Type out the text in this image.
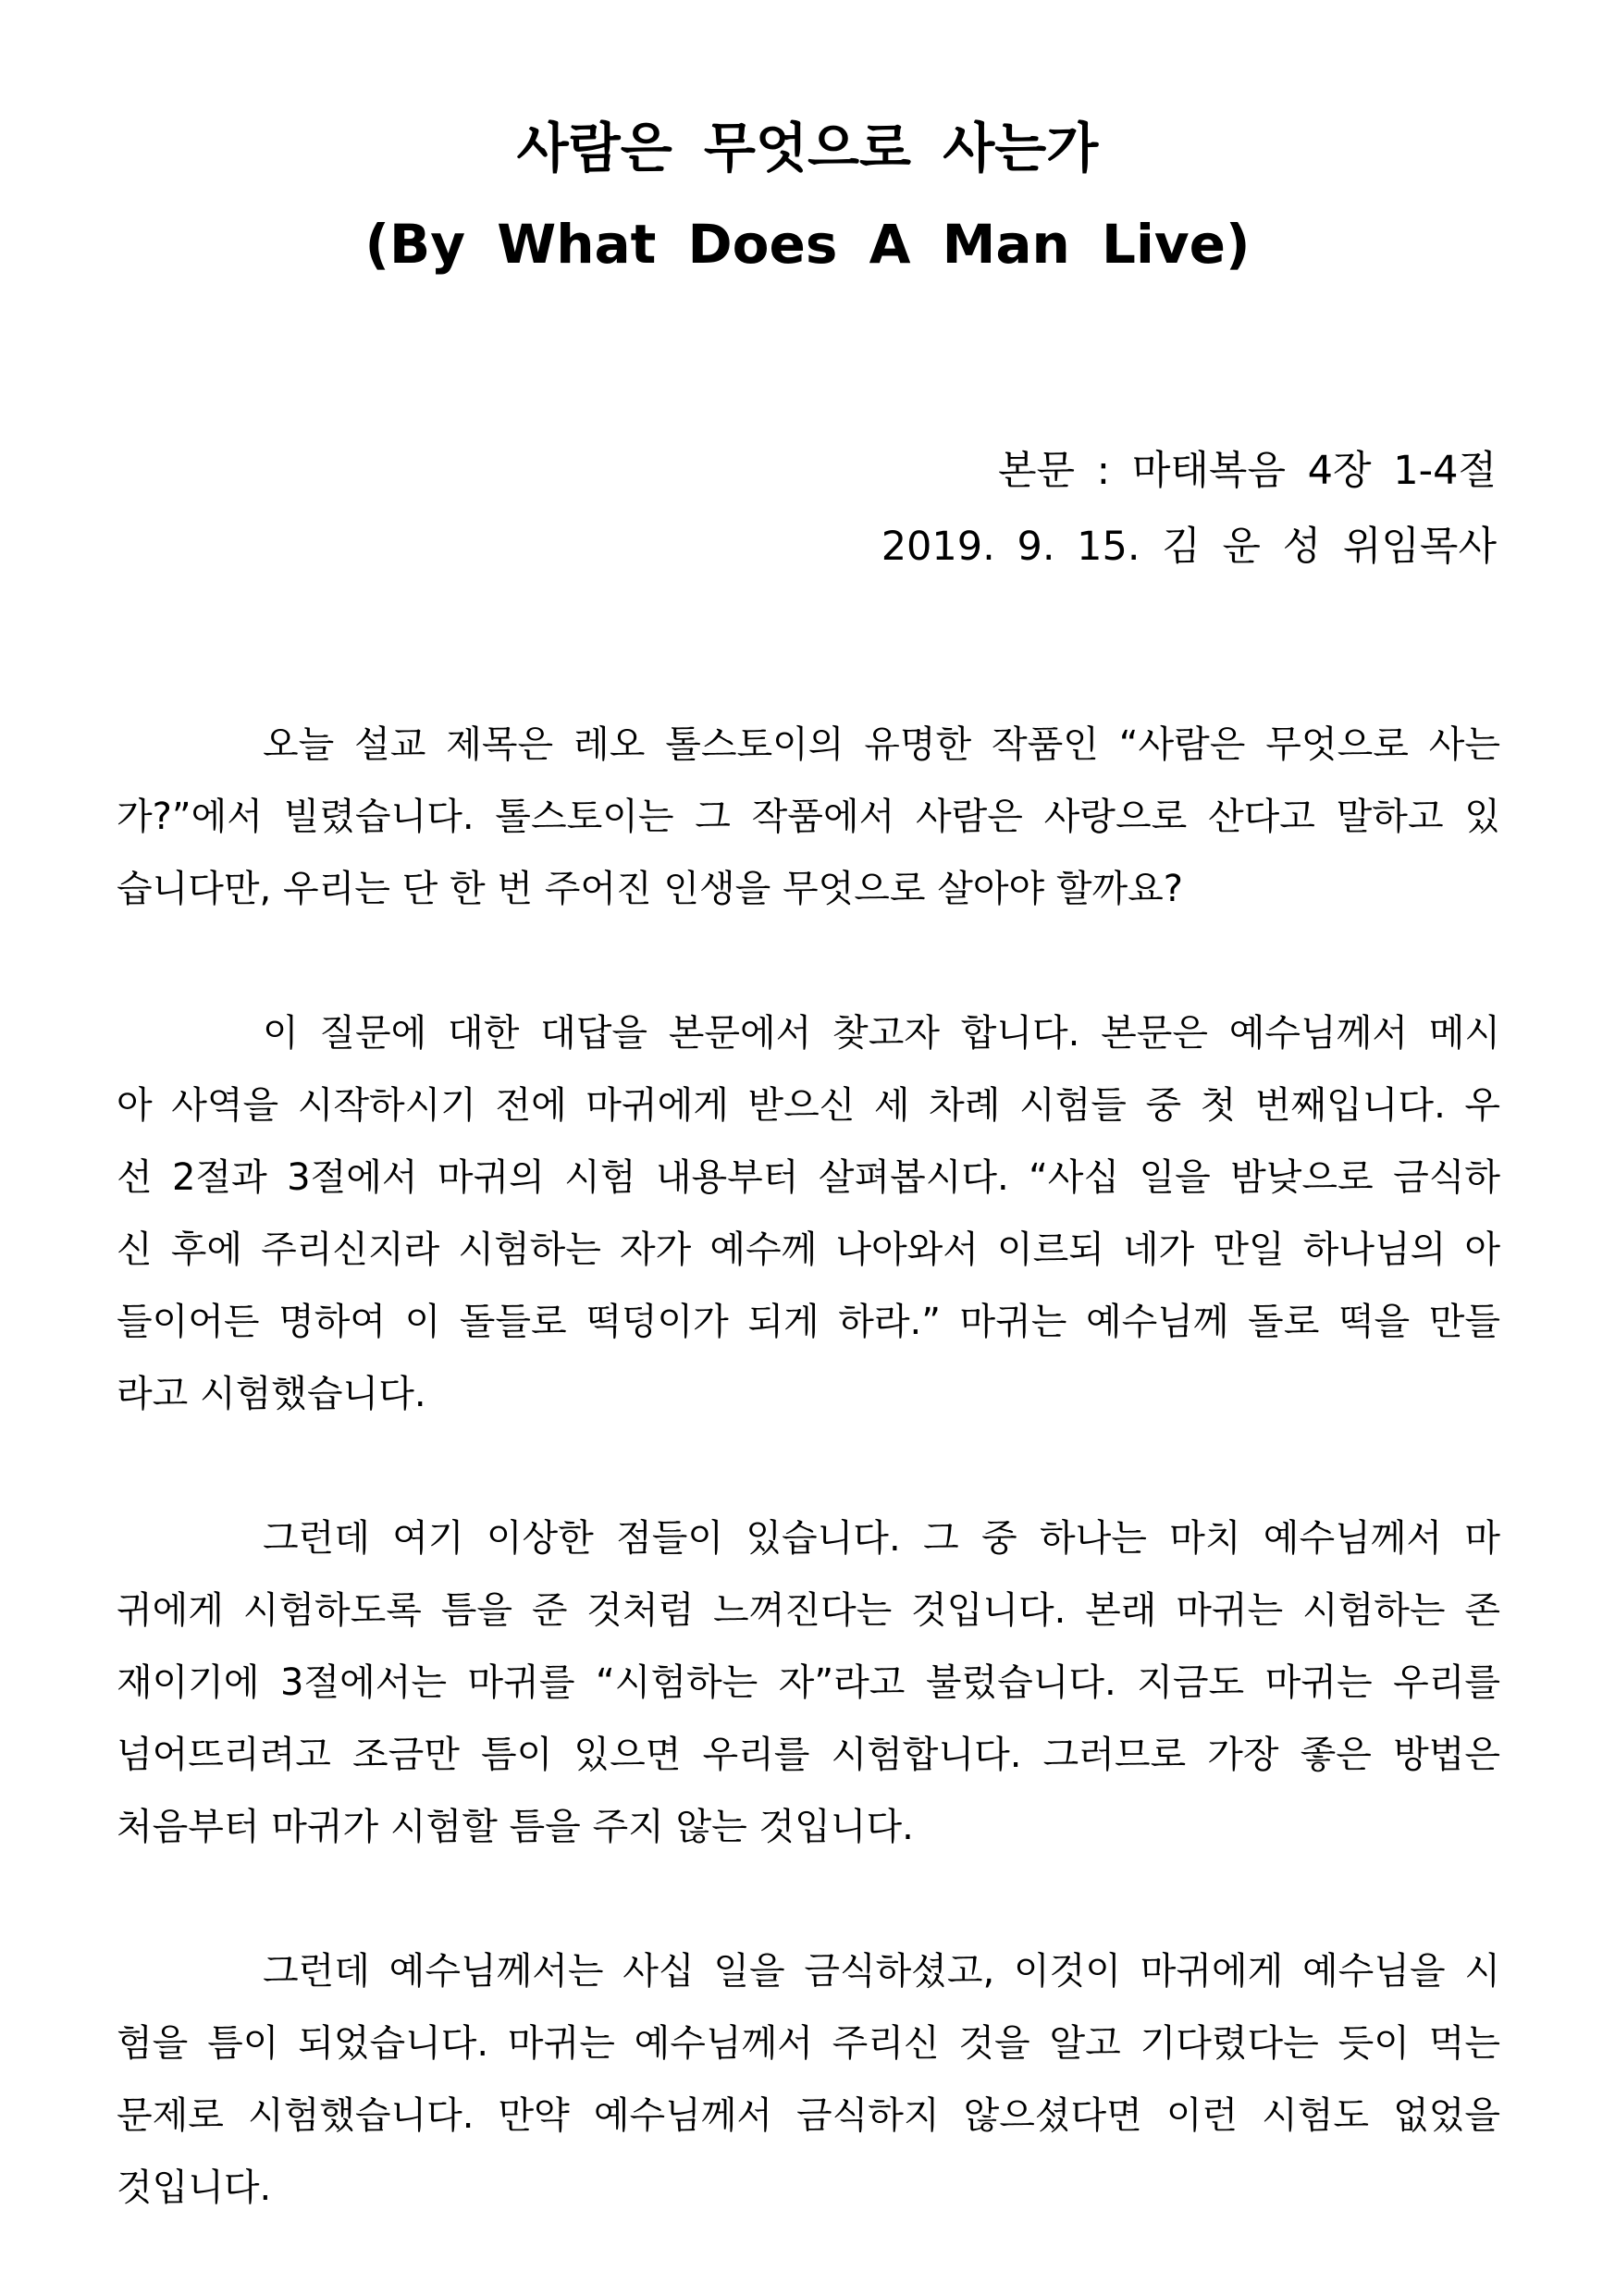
사람은 무엇으로 사는가
(By What Does A Man Live)
본문 : 마태복음 4장 1-4절
2019. 9. 15. 김 운 성 위임목사
오늘 설교 제목은 레오 톨스토이의 유명한 작품인 “사람은 무엇으로 사는
가?”에서 빌렸습니다. 톨스토이는 그 작품에서 사람은 사랑으로 산다고 말하고 있
습니다만, 우리는 단 한 번 주어진 인생을 무엇으로 살아야 할까요?
이 질문에 대한 대답을 본문에서 찾고자 합니다. 본문은 예수님께서 메시
아 사역을 시작하시기 전에 마귀에게 받으신 세 차례 시험들 중 첫 번째입니다. 우
선 2절과 3절에서 마귀의 시험 내용부터 살펴봅시다. “사십 일을 밤낮으로 금식하
신 후에 주리신지라 시험하는 자가 예수께 나아와서 이르되 네가 만일 하나님의 아
들이어든 명하여 이 돌들로 떡덩이가 되게 하라.” 마귀는 예수님께 돌로 떡을 만들
라고 시험했습니다.
그런데 여기 이상한 점들이 있습니다. 그 중 하나는 마치 예수님께서 마
귀에게 시험하도록 틈을 준 것처럼 느껴진다는 것입니다. 본래 마귀는 시험하는 존
재이기에 3절에서는 마귀를 “시험하는 자”라고 불렀습니다. 지금도 마귀는 우리를
넘어뜨리려고 조금만 틈이 있으면 우리를 시험합니다. 그러므로 가장 좋은 방법은
처음부터 마귀가 시험할 틈을 주지 않는 것입니다.
그런데 예수님께서는 사십 일을 금식하셨고, 이것이 마귀에게 예수님을 시
험을 틈이 되었습니다. 마귀는 예수님께서 주리신 것을 알고 기다렸다는 듯이 먹는
문제로 시험했습니다. 만약 예수님께서 금식하지 않으셨다면 이런 시험도 없었을
것입니다.
